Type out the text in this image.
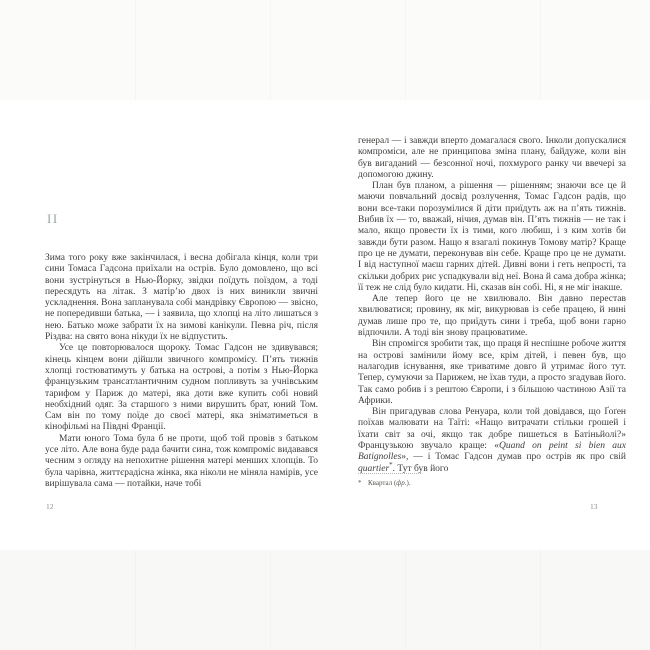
ІІ

Зима того року вже закінчилася, і весна добігала кінця, коли три сини Томаса Гадсона приїхали на острів. Було домовлено, що всі вони зустрінуться в Нью-Йорку, звідки поїдуть поїздом, а тоді пересядуть на літак. З матір’ю двох із них виникли звичні ускладнення. Вона запланувала собі мандрівку Європою — звісно, не попередивши батька, — і заявила, що хлопці на літо лишаться з нею. Батько може забрати їх на зимові канікули. Певна річ, після Різдва: на свято вона нікуди їх не відпустить.

Усе це повторювалося щороку. Томас Гадсон не здивувався; кінець кінцем вони дійшли звичного компромісу. П’ять тижнів хлопці гостюватимуть у батька на острові, а потім з Нью-Йорка французьким трансатлантичним судном попливуть за учнівським тарифом у Париж до матері, яка доти вже купить собі новий необхідний одяг. За старшого з ними вирушить брат, юний Том. Сам він по тому поїде до своєї матері, яка зніматиметься в кінофільмі на Півдні Франції.

Мати юного Тома була б не проти, щоб той провів з батьком усе літо. Але вона буде рада бачити сина, тож компроміс видавався чесним з огляду на непохитне рішення матері менших хлопців. То була чарівна, життєрадісна жінка, яка ніколи не міняла намірів, усе вирішувала сама — потайки, наче тобі

12

генерал — і завжди вперто домагалася свого. Інколи допускалися компроміси, але не принципова зміна плану, байдуже, коли він був вигаданий — безсонної ночі, похмурого ранку чи ввечері за допомогою джину.

План був планом, а рішення — рішенням; знаючи все це й маючи повчальний досвід розлучення, Томас Гадсон радів, що вони все-таки порозумілися й діти приїдуть аж на п’ять тижнів. Вибив їх — то, вважай, нічия, думав він. П’ять тижнів — не так і мало, якщо провести їх із тими, кого любиш, і з ким хотів би завжди бути разом. Нащо я взагалі покинув Томову матір? Краще про це не думати, переконував він себе. Краще про це не думати. І від наступної маєш гарних дітей. Дивні вони і геть непрості, та скільки добрих рис успадкували від неї. Вона й сама добра жінка; її теж не слід було кидати. Ні, сказав він собі. Ні, я не міг інакше.

Але тепер його це не хвилювало. Він давно перестав хвилюватися; провину, як міг, викурював із себе працею, й нині думав лише про те, що приїдуть сини і треба, щоб вони гарно відпочили. А тоді він знову працюватиме.

Він спромігся зробити так, що праця й неспішне робоче життя на острові замінили йому все, крім дітей, і певен був, що налагодив існування, яке триватиме довго й утримає його тут. Тепер, сумуючи за Парижем, не їхав туди, а просто згадував його. Так само робив і з рештою Європи, і з більшою частиною Азії та Африки.

Він пригадував слова Ренуара, коли той довідався, що Ґоґен поїхав малювати на Таїті: «Нащо витрачати стільки грошей і їхати світ за очі, якщо так добре пишеться в Батіньйолі?» Французькою звучало краще: «Quand on peint si bien aux Batignolles», — і Томас Гадсон думав про острів як про свій quartier*. Тут був його

* Квартал (фр.).
13
